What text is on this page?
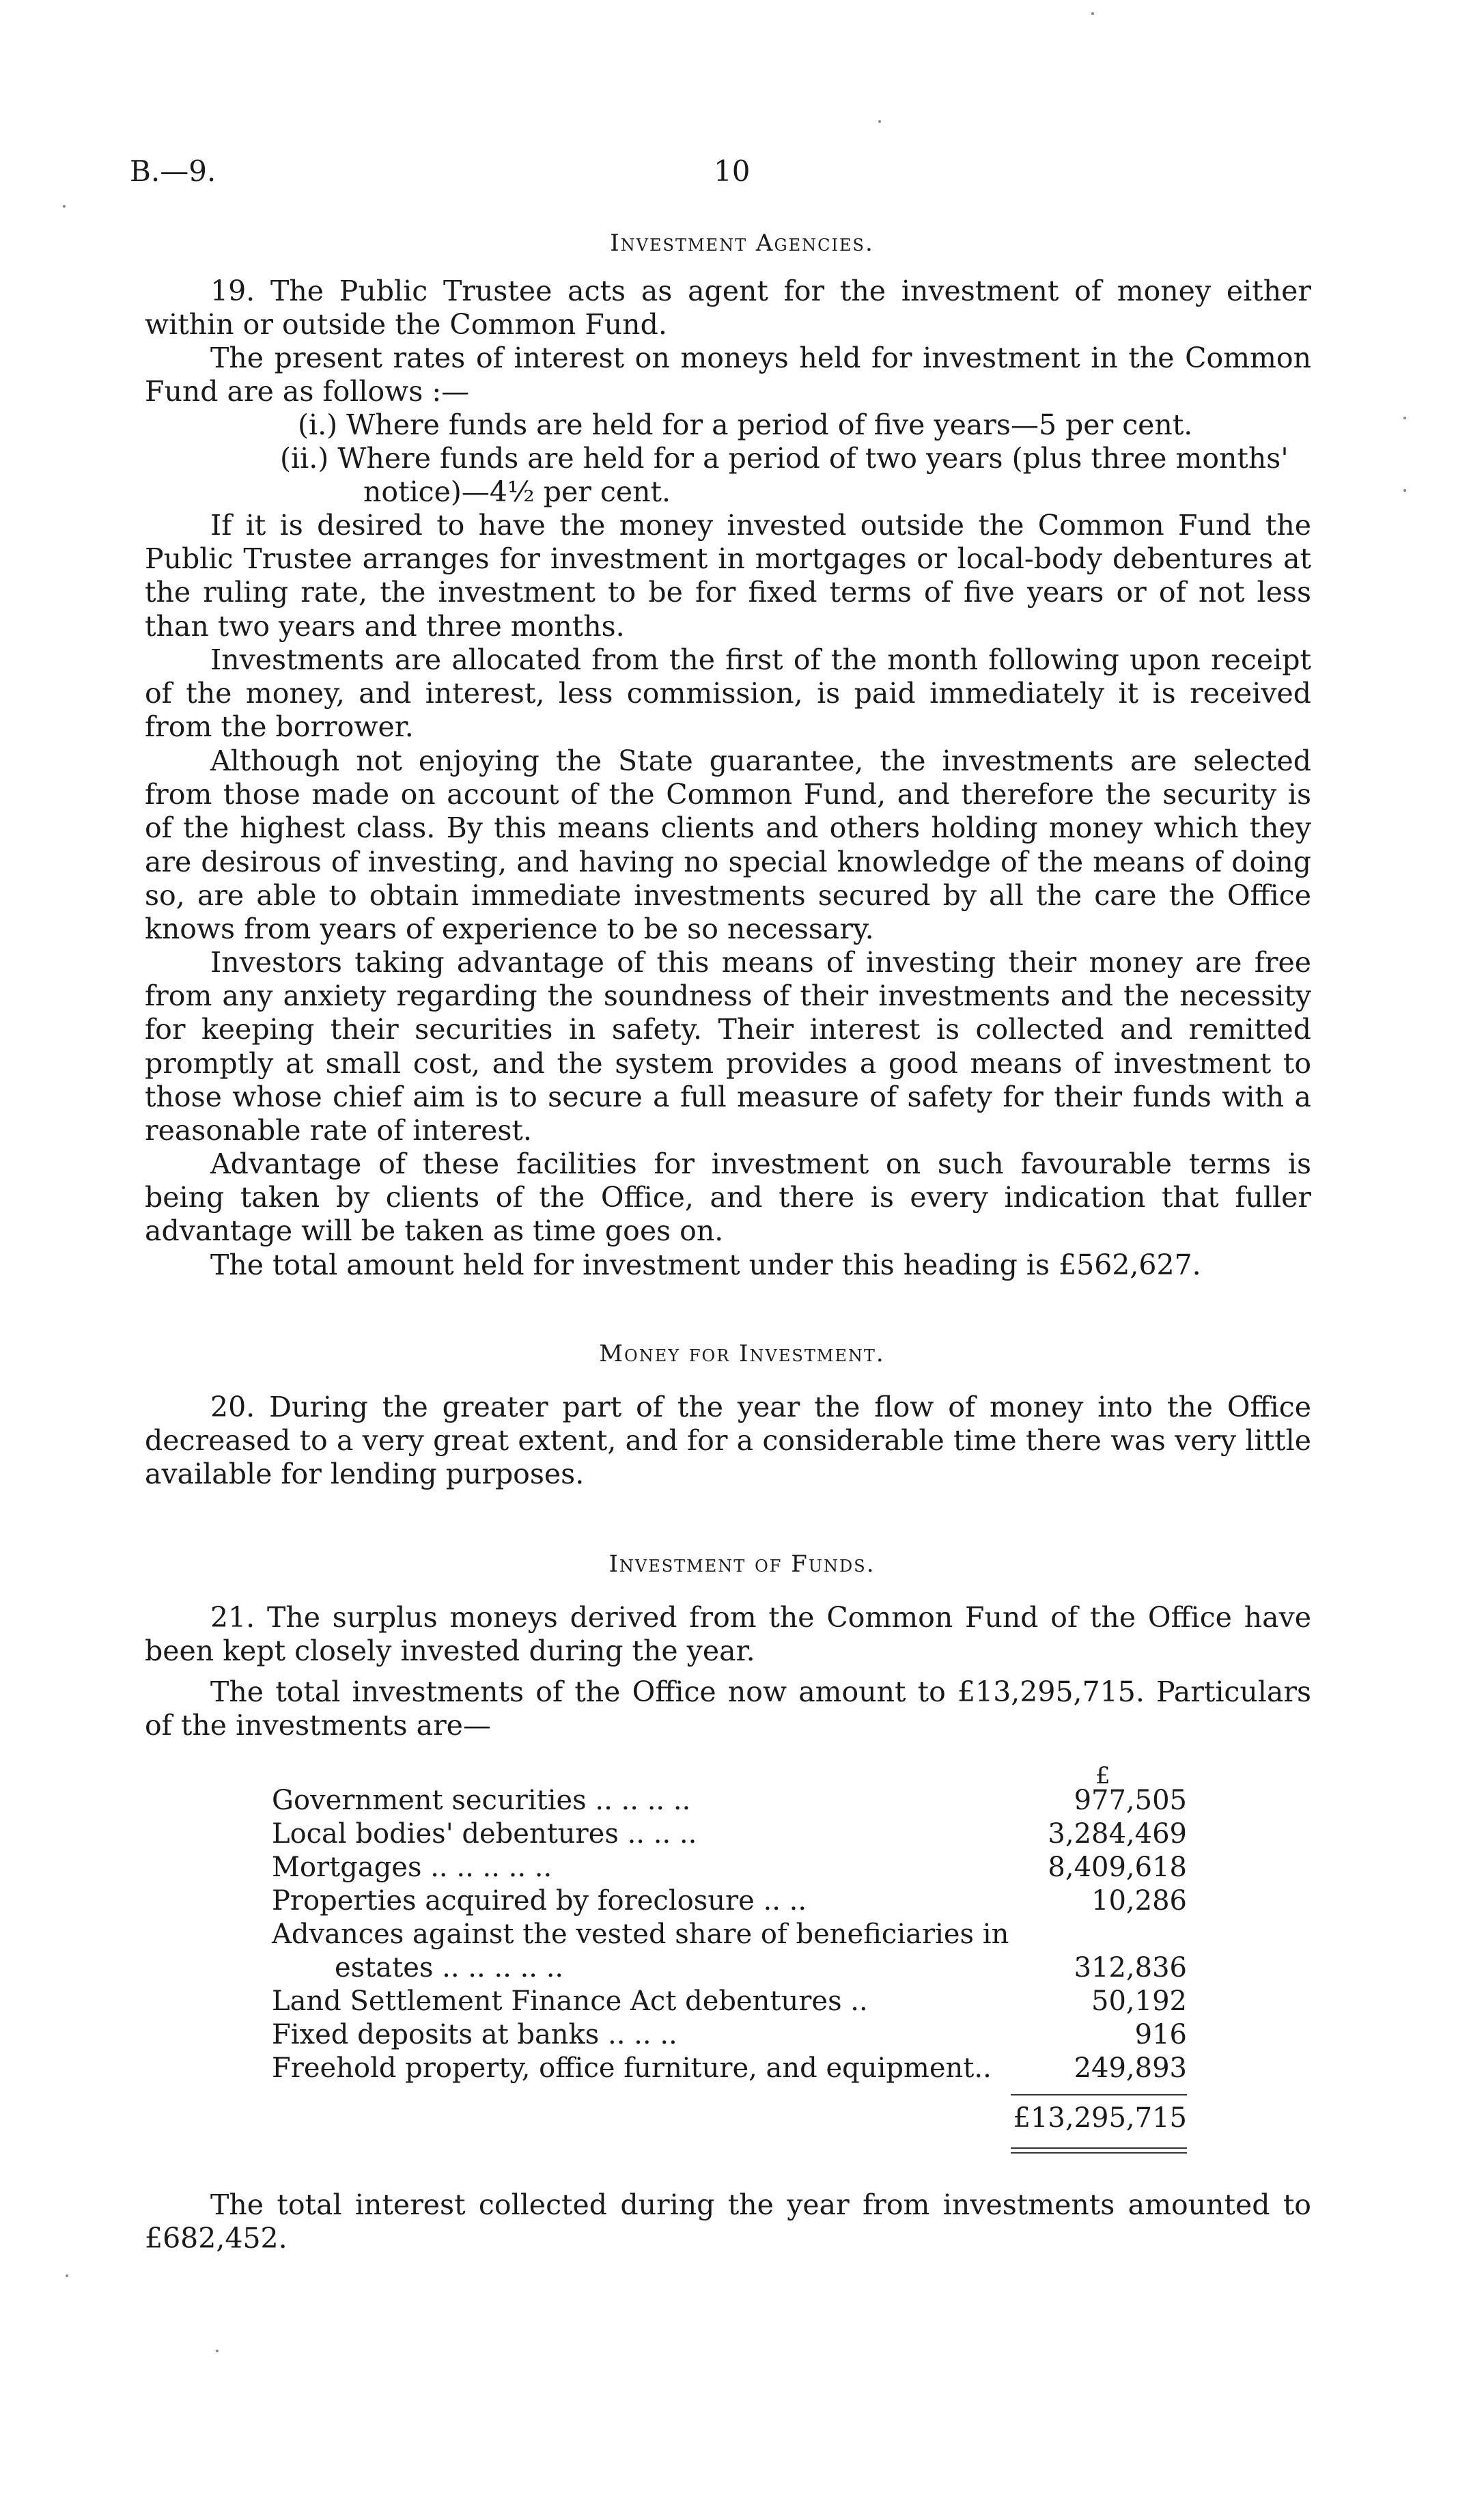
B.—9.	10
Investment Agencies.
19. The Public Trustee acts as agent for the investment of money either within or outside the Common Fund.
The present rates of interest on moneys held for investment in the Common Fund are as follows :—
(i.) Where funds are held for a period of five years—5 per cent.
(ii.) Where funds are held for a period of two years (plus three months'
notice)—4½ per cent.
If it is desired to have the money invested outside the Common Fund the Public Trustee arranges for investment in mortgages or local-body debentures at the ruling rate, the investment to be for fixed terms of five years or of not less than two years and three months.
Investments are allocated from the first of the month following upon receipt of the money, and interest, less commission, is paid immediately it is received from the borrower.
Although not enjoying the State guarantee, the investments are selected from those made on account of the Common Fund, and therefore the security is of the highest class. By this means clients and others holding money which they are desirous of investing, and having no special knowledge of the means of doing so, are able to obtain immediate investments secured by all the care the Office knows from years of experience to be so necessary.
Investors taking advantage of this means of investing their money are free from any anxiety regarding the soundness of their investments and the necessity for keeping their securities in safety. Their interest is collected and remitted promptly at small cost, and the system provides a good means of investment to those whose chief aim is to secure a full measure of safety for their funds with a reasonable rate of interest.
Advantage of these facilities for investment on such favourable terms is being taken by clients of the Office, and there is every indication that fuller advantage will be taken as time goes on.
The total amount held for investment under this heading is £562,627.
Money for Investment.
20. During the greater part of the year the flow of money into the Office decreased to a very great extent, and for a considerable time there was very little available for lending purposes.
Investment of Funds.
21. The surplus moneys derived from the Common Fund of the Office have been kept closely invested during the year.
The total investments of the Office now amount to £13,295,715. Particulars of the investments are—
£
Government securities .. .. .. ..	977,505
Local bodies' debentures .. .. ..	3,284,469
Mortgages .. .. .. .. ..	8,409,618
Properties acquired by foreclosure .. ..	10,286
Advances against the vested share of beneficiaries in
estates .. .. .. .. ..	312,836
Land Settlement Finance Act debentures ..	50,192
Fixed deposits at banks .. .. ..	916
Freehold property, office furniture, and equipment..	249,893
£13,295,715
The total interest collected during the year from investments amounted to £682,452.
